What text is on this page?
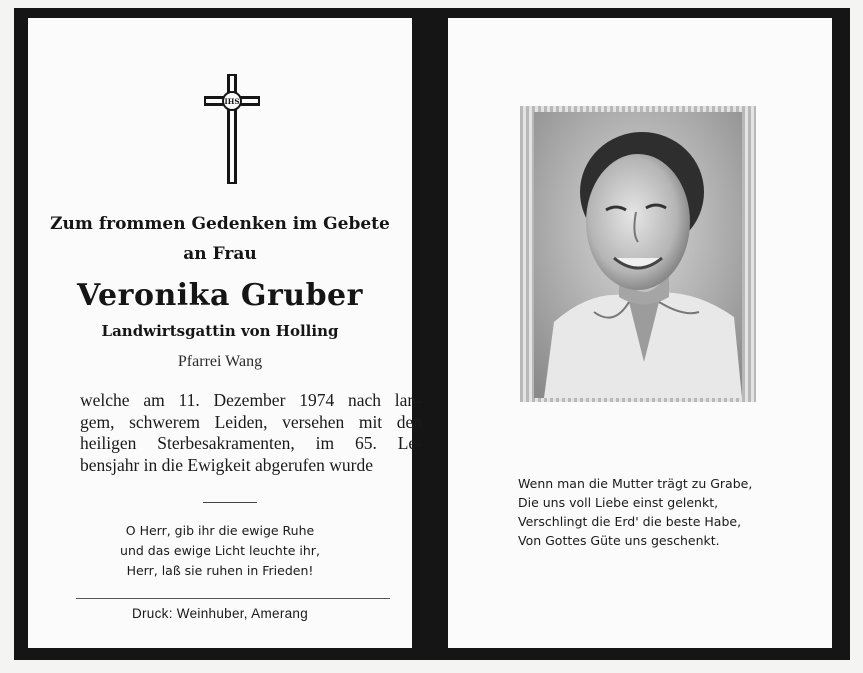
IHS
Zum frommen Gedenken im Gebete
an Frau
Veronika Gruber
Landwirtsgattin von Holling
Pfarrei Wang
welche am 11. Dezember 1974 nach lan-
gem, schwerem Leiden, versehen mit den
heiligen Sterbesakramenten, im 65. Le-
bensjahr in die Ewigkeit abgerufen wurde
O Herr, gib ihr die ewige Ruhe
und das ewige Licht leuchte ihr,
Herr, laß sie ruhen in Frieden!
Druck: Weinhuber, Amerang
Wenn man die Mutter trägt zu Grabe,
Die uns voll Liebe einst gelenkt,
Verschlingt die Erd' die beste Habe,
Von Gottes Güte uns geschenkt.
